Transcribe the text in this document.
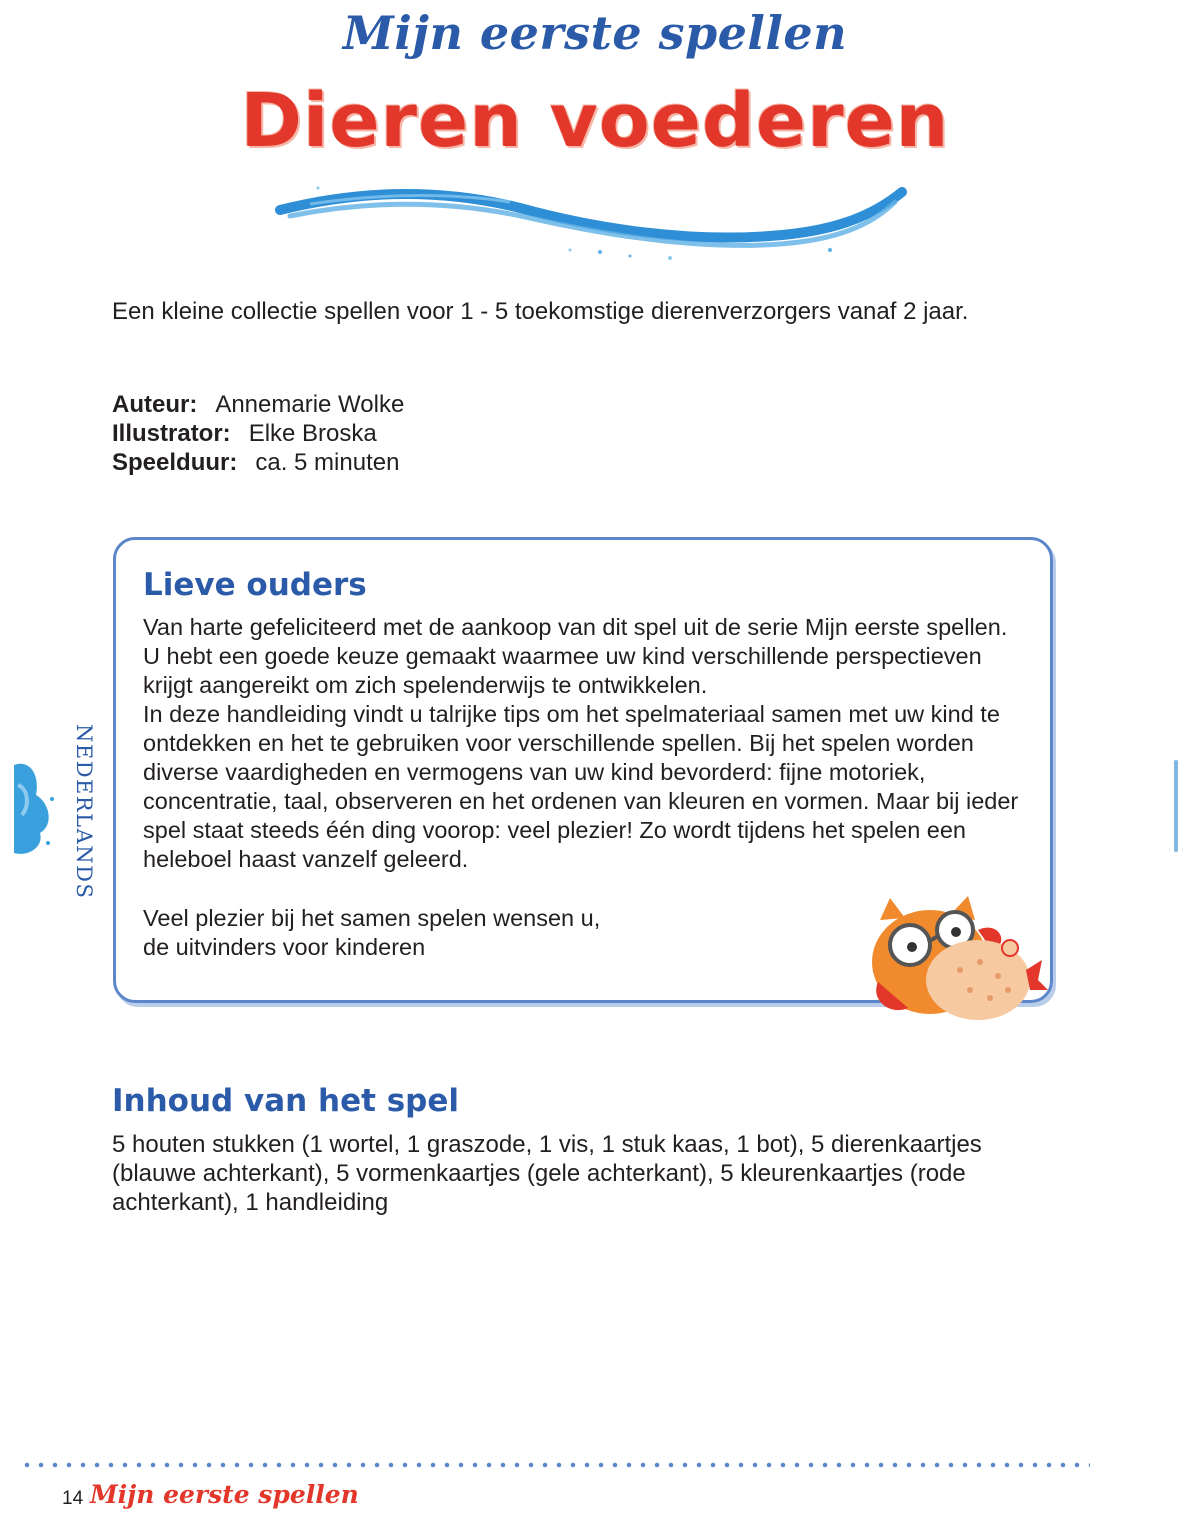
Mijn eerste spellen
Dieren voederen
Een kleine collectie spellen voor 1 - 5 toekomstige dierenverzorgers vanaf 2 jaar.
Auteur: Annemarie Wolke
Illustrator: Elke Broska
Speelduur: ca. 5 minuten
Lieve ouders

Van harte gefeliciteerd met de aankoop van dit spel uit de serie Mijn eerste spellen.

U hebt een goede keuze gemaakt waarmee uw kind verschillende perspectieven krijgt aangereikt om zich spelenderwijs te ontwikkelen.

In deze handleiding vindt u talrijke tips om het spelmateriaal samen met uw kind te ontdekken en het te gebruiken voor verschillende spellen. Bij het spelen worden diverse vaardigheden en vermogens van uw kind bevorderd: fijne motoriek, concentratie, taal, observeren en het ordenen van kleuren en vormen. Maar bij ieder spel staat steeds één ding voorop: veel plezier! Zo wordt tijdens het spelen een heleboel haast vanzelf geleerd.

Veel plezier bij het samen spelen wensen u,
de uitvinders voor kinderen
NEDERLANDS
Inhoud van het spel
5 houten stukken (1 wortel, 1 graszode, 1 vis, 1 stuk kaas, 1 bot), 5 dierenkaartjes (blauwe achterkant), 5 vormenkaartjes (gele achterkant), 5 kleurenkaartjes (rode achterkant), 1 handleiding
14 Mijn eerste spellen
